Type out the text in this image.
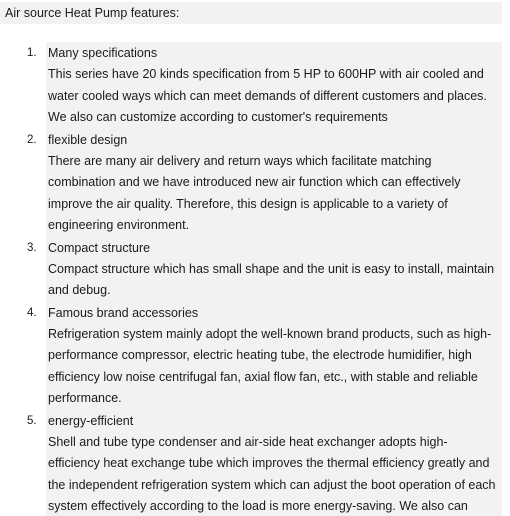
Air source Heat Pump features:
1. Many specifications
This series have 20 kinds specification from 5 HP to 600HP with air cooled and
water cooled ways which can meet demands of different customers and places.
We also can customize according to customer's requirements
2. flexible design
There are many air delivery and return ways which facilitate matching
combination and we have introduced new air function which can effectively
improve the air quality. Therefore, this design is applicable to a variety of
engineering environment.
3. Compact structure
Compact structure which has small shape and the unit is easy to install, maintain
and debug.
4. Famous brand accessories
Refrigeration system mainly adopt the well-known brand products, such as high-
performance compressor, electric heating tube, the electrode humidifier, high
efficiency low noise centrifugal fan, axial flow fan, etc., with stable and reliable
performance.
5. energy-efficient
Shell and tube type condenser and air-side heat exchanger adopts high-
efficiency heat exchange tube which improves the thermal efficiency greatly and
the independent refrigeration system which can adjust the boot operation of each
system effectively according to the load is more energy-saving. We also can
